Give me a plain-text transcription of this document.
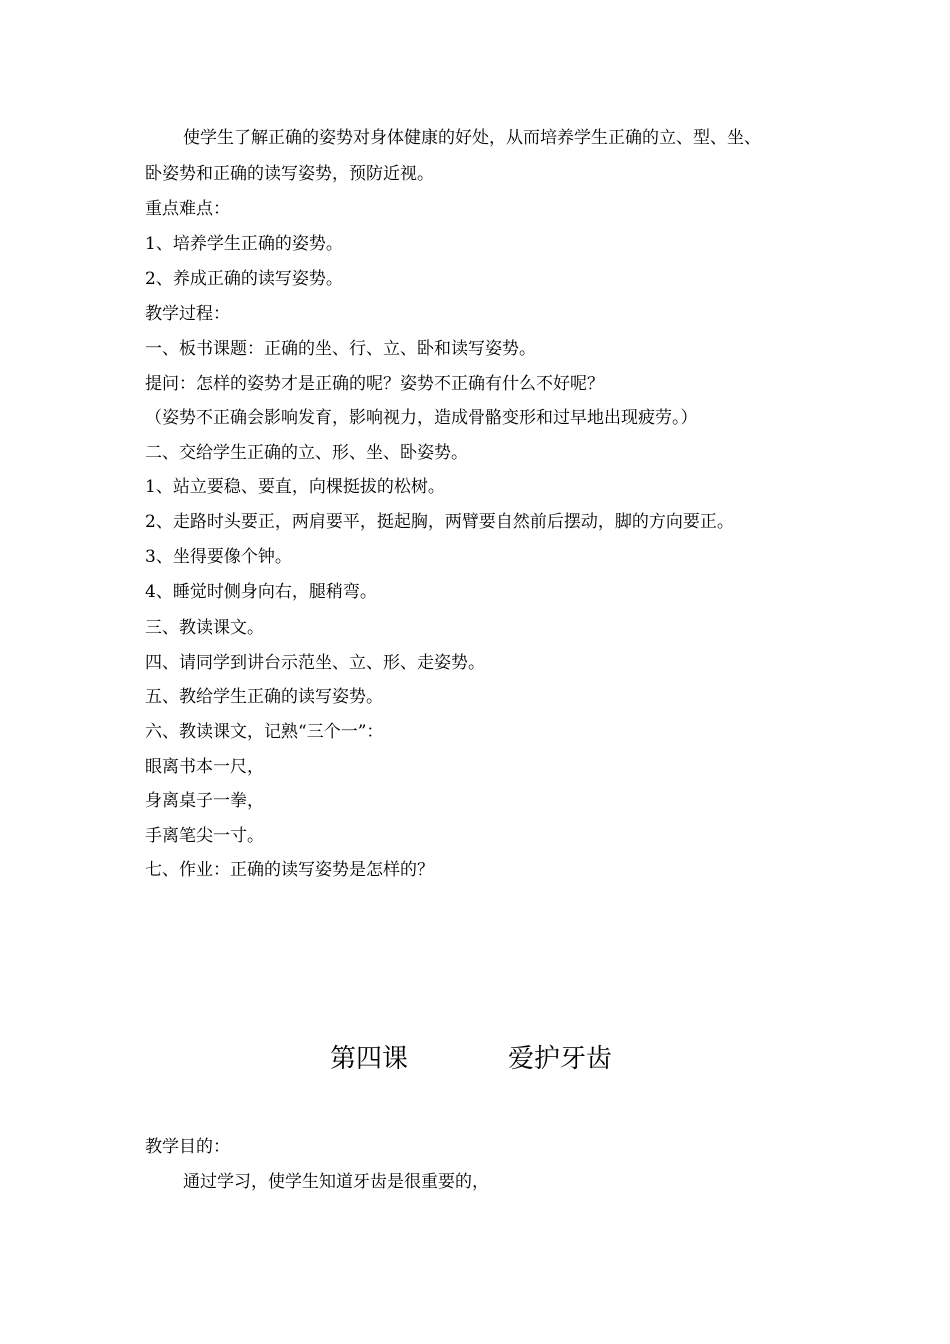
使学生了解正确的姿势对身体健康的好处，从而培养学生正确的立、型、坐、
卧姿势和正确的读写姿势，预防近视。
重点难点：
1、培养学生正确的姿势。
2、养成正确的读写姿势。
教学过程：
一、板书课题：正确的坐、行、立、卧和读写姿势。
提问：怎样的姿势才是正确的呢？姿势不正确有什么不好呢？
（姿势不正确会影响发育，影响视力，造成骨骼变形和过早地出现疲劳。）
二、交给学生正确的立、形、坐、卧姿势。
1、站立要稳、要直，向棵挺拔的松树。
2、走路时头要正，两肩要平，挺起胸，两臂要自然前后摆动，脚的方向要正。
3、坐得要像个钟。
4、睡觉时侧身向右，腿稍弯。
三、教读课文。
四、请同学到讲台示范坐、立、形、走姿势。
五、教给学生正确的读写姿势。
六、教读课文，记熟“三个一”：
眼离书本一尺，
身离桌子一拳，
手离笔尖一寸。
七、作业：正确的读写姿势是怎样的？
第四课	爱护牙齿
教学目的：
通过学习，使学生知道牙齿是很重要的，
